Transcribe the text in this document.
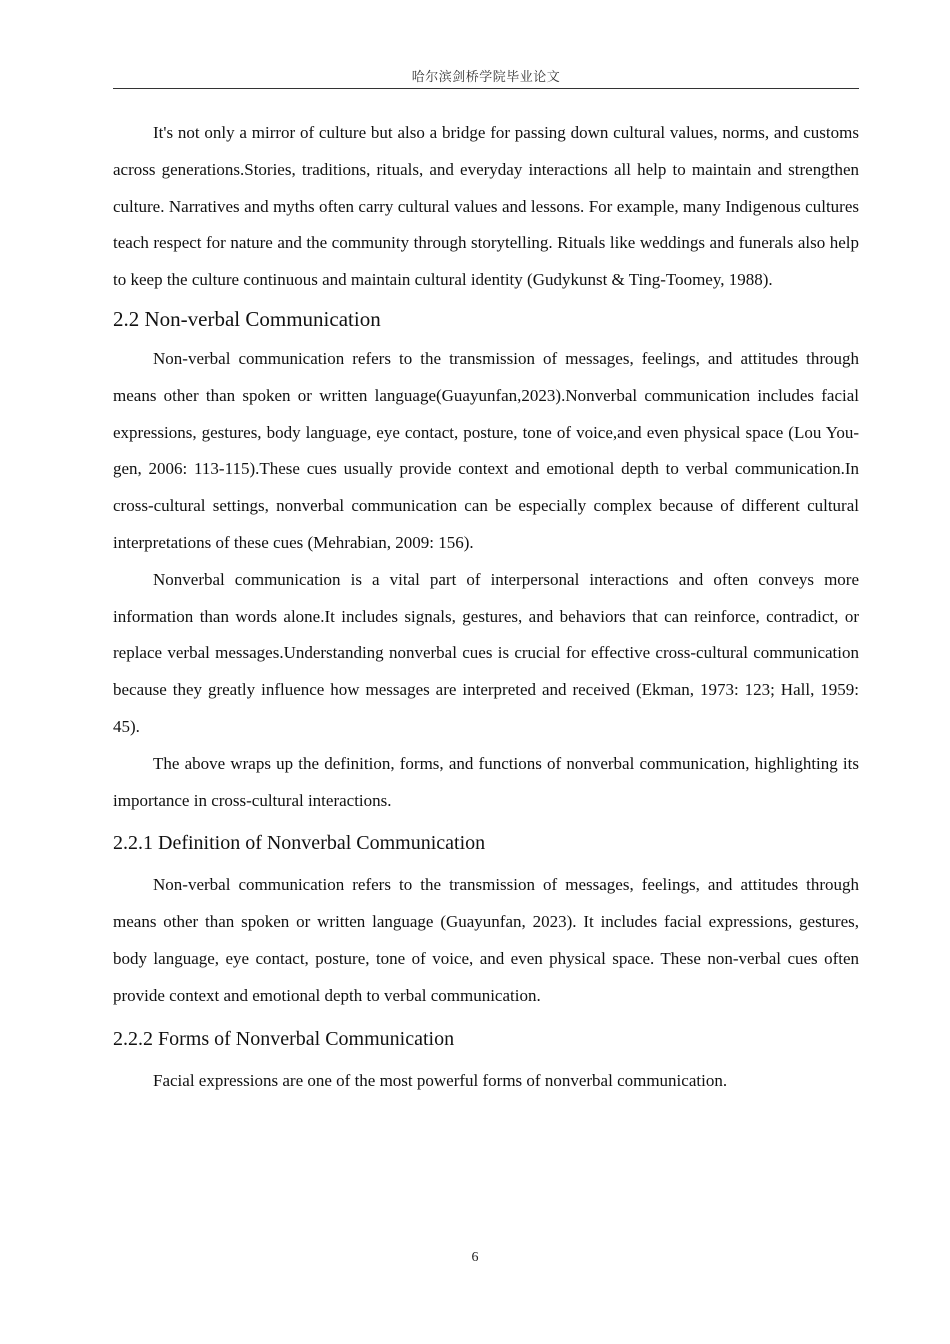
哈尔滨剑桥学院毕业论文

It's not only a mirror of culture but also a bridge for passing down cultural values, norms, and customs across generations.Stories, traditions, rituals, and everyday interactions all help to maintain and strengthen culture. Narratives and myths often carry cultural values and lessons. For example, many Indigenous cultures teach respect for nature and the community through storytelling. Rituals like weddings and funerals also help to keep the culture continuous and maintain cultural identity (Gudykunst & Ting-Toomey, 1988).

2.2 Non-verbal Communication

Non-verbal communication refers to the transmission of messages, feelings, and attitudes through means other than spoken or written language(Guayunfan,2023).Nonverbal communication includes facial expressions, gestures, body language, eye contact, posture, tone of voice,and even physical space (Lou You-gen, 2006: 113-115).These cues usually provide context and emotional depth to verbal communication.In cross-cultural settings, nonverbal communication can be especially complex because of different cultural interpretations of these cues (Mehrabian, 2009: 156).

Nonverbal communication is a vital part of interpersonal interactions and often conveys more information than words alone.It includes signals, gestures, and behaviors that can reinforce, contradict, or replace verbal messages.Understanding nonverbal cues is crucial for effective cross-cultural communication because they greatly influence how messages are interpreted and received (Ekman, 1973: 123; Hall, 1959: 45).

The above wraps up the definition, forms, and functions of nonverbal communication, highlighting its importance in cross-cultural interactions.

2.2.1 Definition of Nonverbal Communication

Non-verbal communication refers to the transmission of messages, feelings, and attitudes through means other than spoken or written language (Guayunfan, 2023). It includes facial expressions, gestures, body language, eye contact, posture, tone of voice, and even physical space. These non-verbal cues often provide context and emotional depth to verbal communication.

2.2.2 Forms of Nonverbal Communication

Facial expressions are one of the most powerful forms of nonverbal communication.

6
